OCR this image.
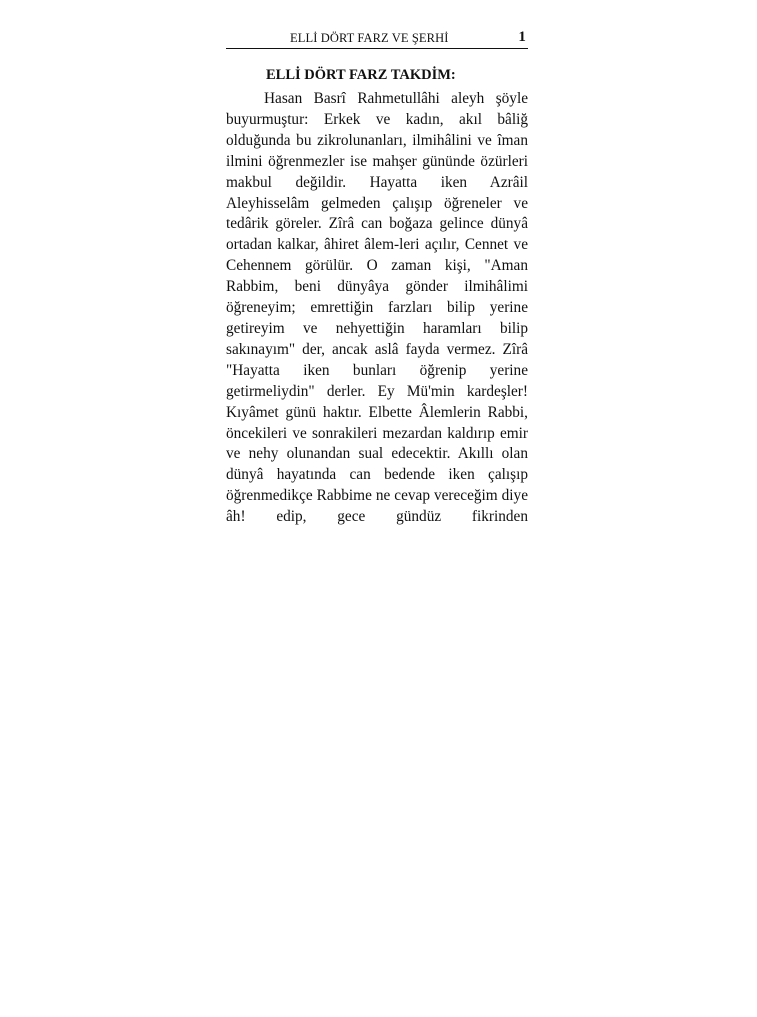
ELLİ DÖRT FARZ VE ŞERHİ	1
ELLİ DÖRT FARZ TAKDİM:

Hasan Basrî Rahmetullâhi aleyh şöyle buyurmuştur: Erkek ve kadın, akıl bâliğ olduğunda bu zikrolunanları, ilmihâlini ve îman ilmini öğrenmezler ise mahşer gününde özürleri makbul değildir. Hayatta iken Azrâil Aleyhisselâm gelmeden çalışıp öğreneler ve tedârik göreler. Zîrâ can boğaza gelince dünyâ ortadan kalkar, âhiret âlem-leri açılır, Cennet ve Cehennem görülür. O zaman kişi, "Aman Rabbim, beni dünyâya gönder ilmihâlimi öğreneyim; emrettiğin farzları bilip yerine getireyim ve nehyettiğin haramları bilip sakınayım" der, ancak aslâ fayda vermez. Zîrâ "Hayatta iken bunları öğrenip yerine getirmeliydin" derler. Ey Mü'min kardeşler! Kıyâmet günü haktır. Elbette Âlemlerin Rabbi, öncekileri ve sonrakileri mezardan kaldırıp emir ve nehy olunandan sual edecektir. Akıllı olan dünyâ hayatında can bedende iken çalışıp öğrenmedikçe Rabbime ne cevap vereceğim diye âh! edip, gece gündüz fikrinden
